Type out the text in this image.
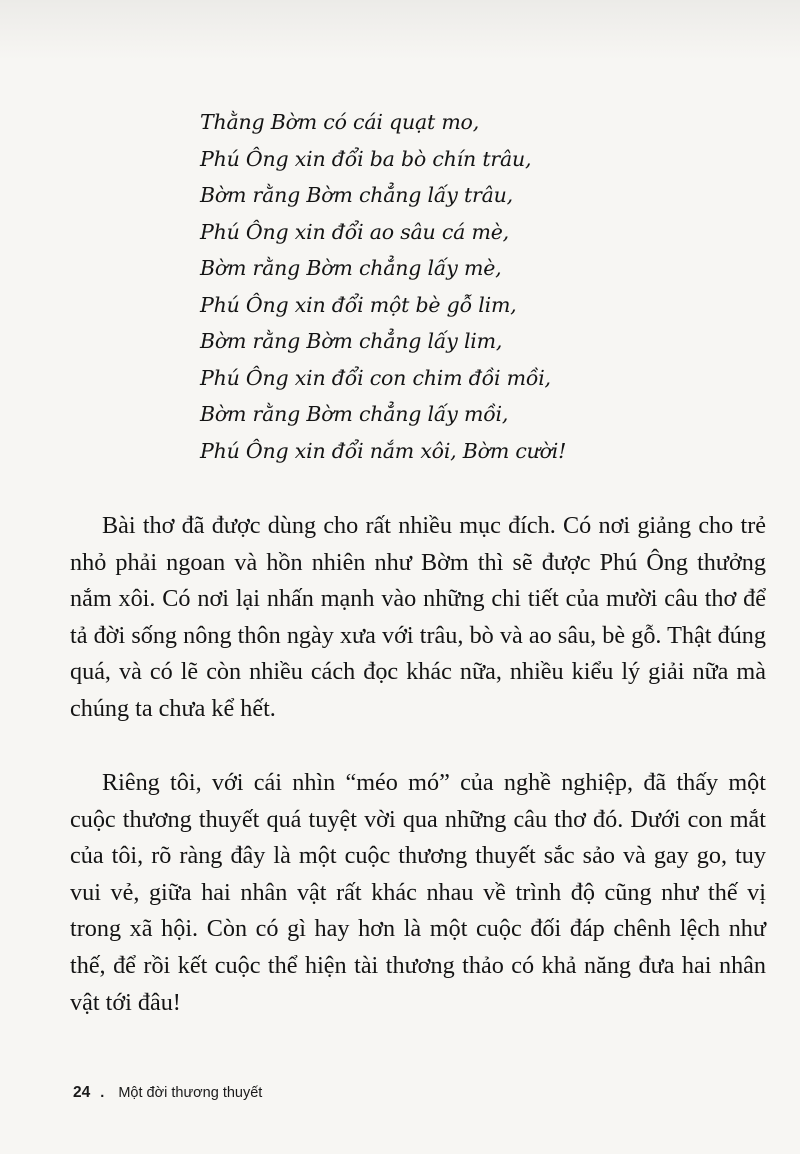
Thằng Bờm có cái quạt mo,
Phú Ông xin đổi ba bò chín trâu,
Bờm rằng Bờm chẳng lấy trâu,
Phú Ông xin đổi ao sâu cá mè,
Bờm rằng Bờm chẳng lấy mè,
Phú Ông xin đổi một bè gỗ lim,
Bờm rằng Bờm chẳng lấy lim,
Phú Ông xin đổi con chim đồi mồi,
Bờm rằng Bờm chẳng lấy mồi,
Phú Ông xin đổi nắm xôi, Bờm cười!

Bài thơ đã được dùng cho rất nhiều mục đích. Có nơi giảng cho trẻ nhỏ phải ngoan và hồn nhiên như Bờm thì sẽ được Phú Ông thưởng nắm xôi. Có nơi lại nhấn mạnh vào những chi tiết của mười câu thơ để tả đời sống nông thôn ngày xưa với trâu, bò và ao sâu, bè gỗ. Thật đúng quá, và có lẽ còn nhiều cách đọc khác nữa, nhiều kiểu lý giải nữa mà chúng ta chưa kể hết.

Riêng tôi, với cái nhìn “méo mó” của nghề nghiệp, đã thấy một cuộc thương thuyết quá tuyệt vời qua những câu thơ đó. Dưới con mắt của tôi, rõ ràng đây là một cuộc thương thuyết sắc sảo và gay go, tuy vui vẻ, giữa hai nhân vật rất khác nhau về trình độ cũng như thế vị trong xã hội. Còn có gì hay hơn là một cuộc đối đáp chênh lệch như thế, để rồi kết cuộc thể hiện tài thương thảo có khả năng đưa hai nhân vật tới đâu!

24 . Một đời thương thuyết
